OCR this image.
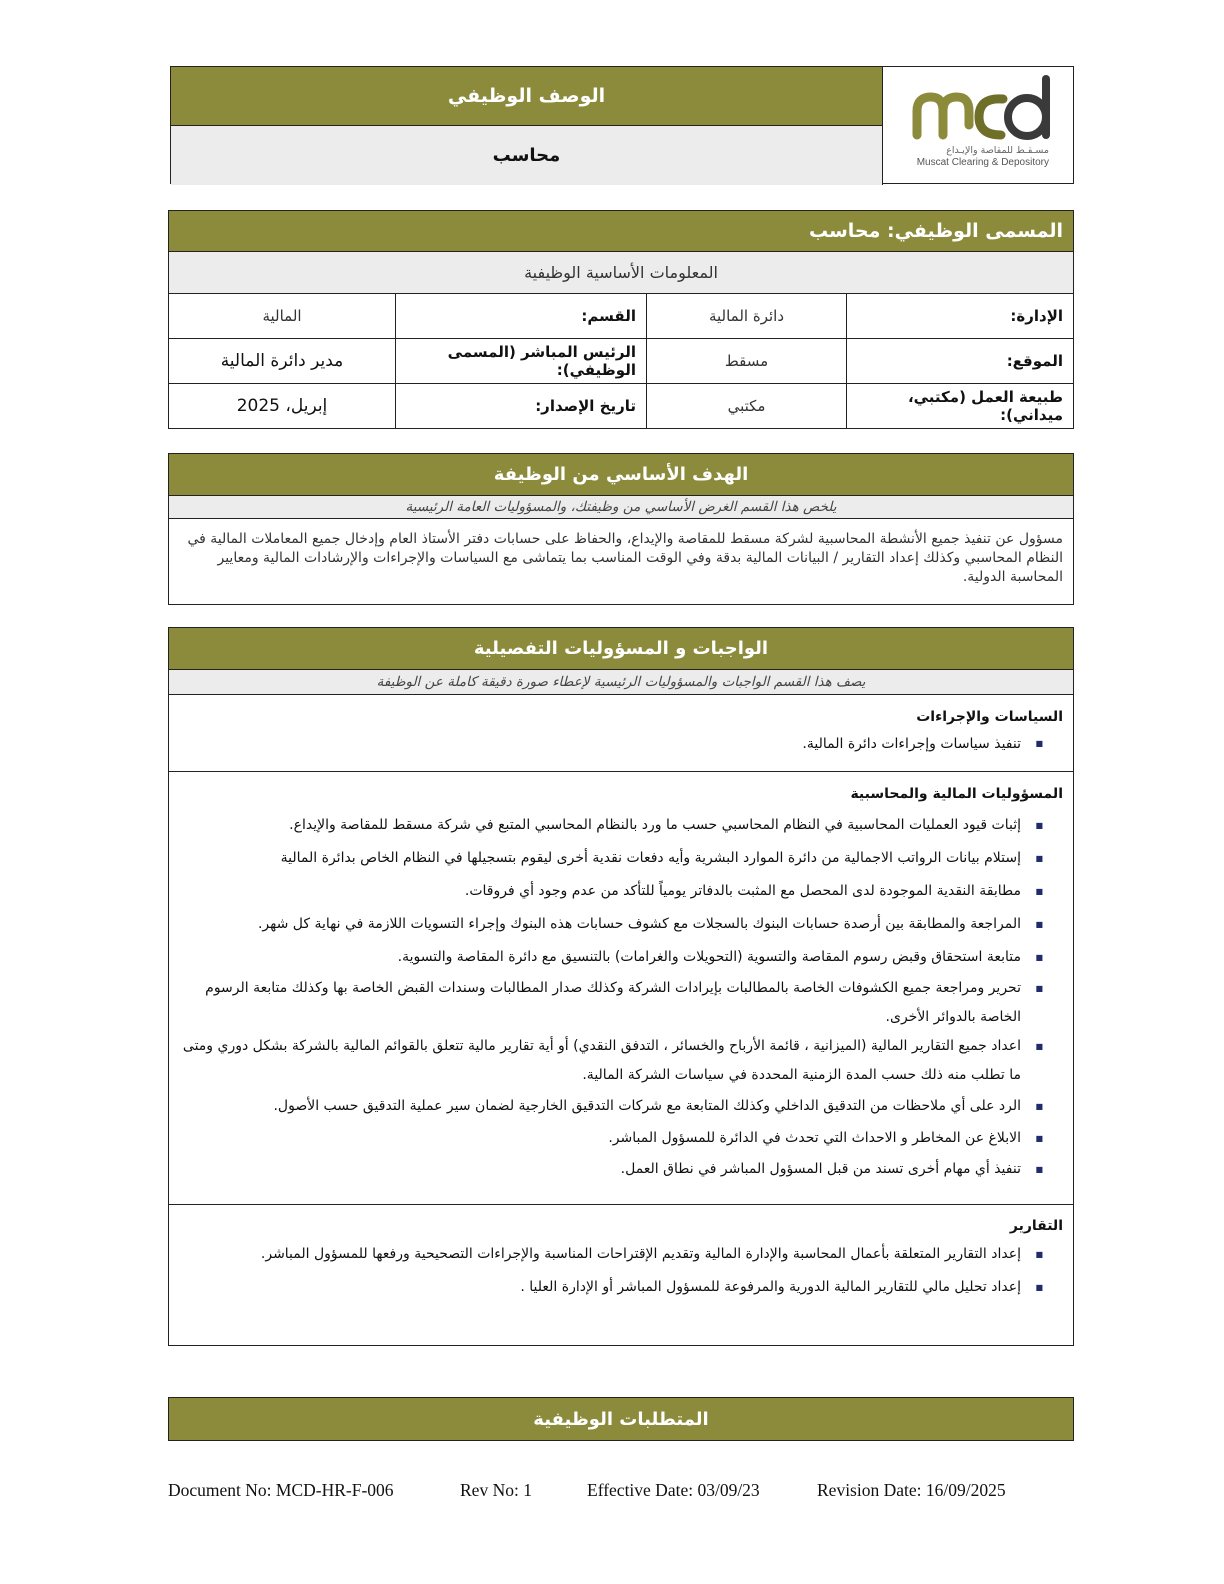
الوصف الوظيفي
محاسب	مسـقـط للمقاصة والإيـداع
Muscat Clearing & Depository
المسمى الوظيفي: محاسب
المعلومات الأساسية الوظيفية
الإدارة:
دائرة المالية
القسم:
المالية
الموقع:
مسقط
الرئيس المباشر (المسمى الوظيفي):
مدير دائرة المالية
طبيعة العمل (مكتبي، ميداني):
مكتبي
تاريخ الإصدار:
إبريل، 2025
الهدف الأساسي من الوظيفة
يلخص هذا القسم الغرض الأساسي من وظيفتك، والمسؤوليات العامة الرئيسية
مسؤول عن تنفيذ جميع الأنشطة المحاسبية لشركة مسقط للمقاصة والإيداع، والحفاظ على حسابات دفتر الأستاذ العام وإدخال جميع المعاملات المالية في النظام المحاسبي وكذلك إعداد التقارير / البيانات المالية بدقة وفي الوقت المناسب بما يتماشى مع السياسات والإجراءات والإرشادات المالية ومعايير المحاسبة الدولية.
الواجبات و المسؤوليات التفصيلية
يصف هذا القسم الواجبات والمسؤوليات الرئيسية لإعطاء صورة دقيقة كاملة عن الوظيفة
السياسات والإجراءات
■ تنفيذ سياسات وإجراءات دائرة المالية.
المسؤوليات المالية والمحاسبية
■ إثبات قيود العمليات المحاسبية في النظام المحاسبي حسب ما ورد بالنظام المحاسبي المتبع في شركة مسقط للمقاصة والإيداع.
■ إستلام بيانات الرواتب الاجمالية من دائرة الموارد البشرية وأيه دفعات نقدية أخرى ليقوم بتسجيلها في النظام الخاص بدائرة المالية
■ مطابقة النقدية الموجودة لدى المحصل مع المثبت بالدفاتر يومياً للتأكد من عدم وجود أي فروقات.
■ المراجعة والمطابقة بين أرصدة حسابات البنوك بالسجلات مع كشوف حسابات هذه البنوك وإجراء التسويات اللازمة في نهاية كل شهر.
■ متابعة استحقاق وقبض رسوم المقاصة والتسوية (التحويلات والغرامات) بالتنسيق مع دائرة المقاصة والتسوية.
■ تحرير ومراجعة جميع الكشوفات الخاصة بالمطالبات بإيرادات الشركة وكذلك صدار المطالبات وسندات القبض الخاصة بها وكذلك متابعة الرسوم الخاصة بالدوائر الأخرى.
■ اعداد جميع التقارير المالية (الميزانية ، قائمة الأرباح والخسائر ، التدفق النقدي) أو أية تقارير مالية تتعلق بالقوائم المالية بالشركة بشكل دوري ومتى ما تطلب منه ذلك حسب المدة الزمنية المحددة في سياسات الشركة المالية.
■ الرد على أي ملاحظات من التدقيق الداخلي وكذلك المتابعة مع شركات التدقيق الخارجية لضمان سير عملية التدقيق حسب الأصول.
■ الابلاغ عن المخاطر و الاحداث التي تحدث في الدائرة للمسؤول المباشر.
■ تنفيذ أي مهام أخرى تسند من قبل المسؤول المباشر في نطاق العمل.
التقارير
■ إعداد التقارير المتعلقة بأعمال المحاسبة والإدارة المالية وتقديم الإقتراحات المناسبة والإجراءات التصحيحية ورفعها للمسؤول المباشر.
■ إعداد تحليل مالي للتقارير المالية الدورية والمرفوعة للمسؤول المباشر أو الإدارة العليا .
المتطلبات الوظيفية
Document No: MCD-HR-F-006	Rev No: 1	Effective Date: 03/09/23	Revision Date: 16/09/2025
